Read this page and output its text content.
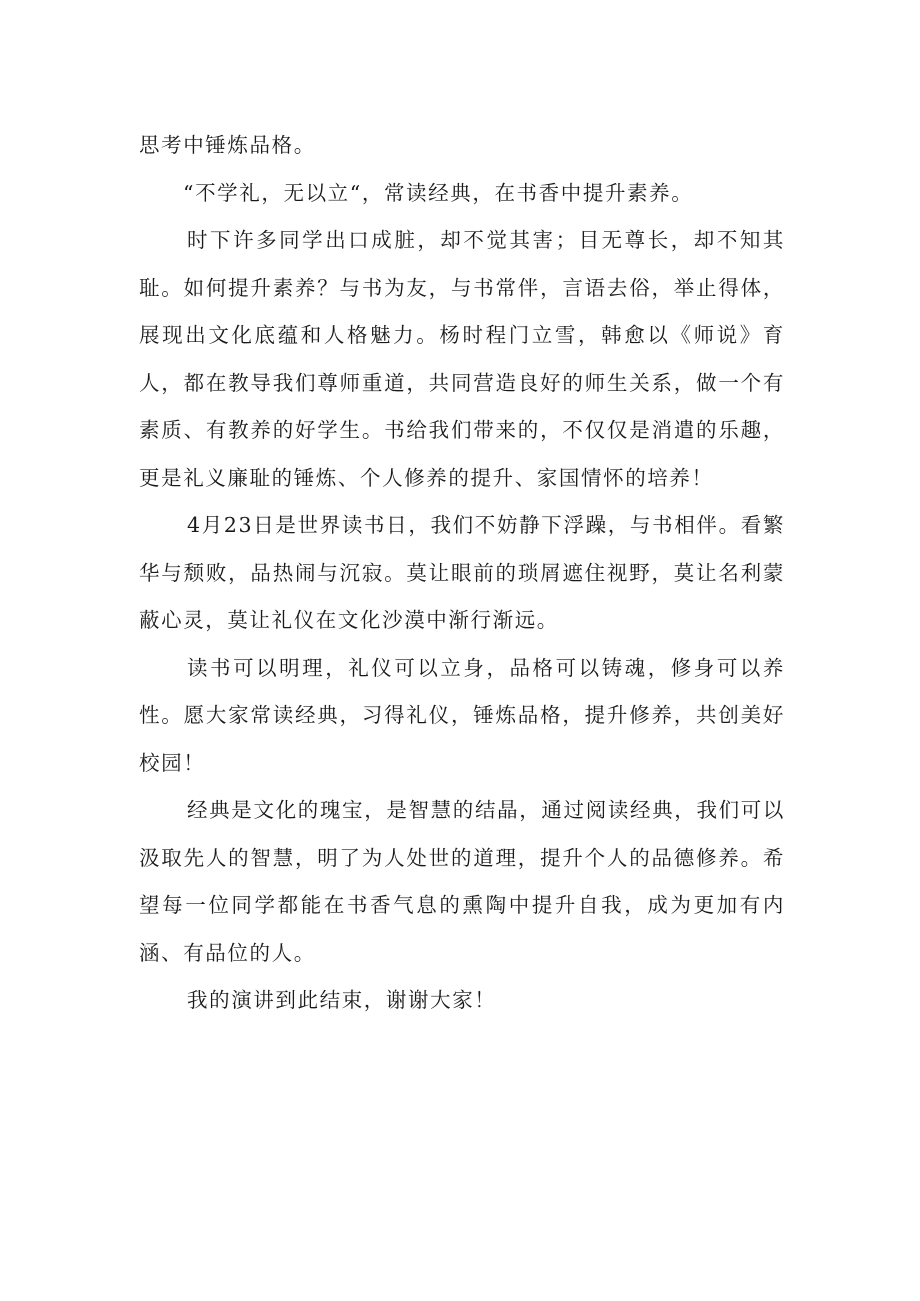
思考中锤炼品格。

“不学礼，无以立“，常读经典，在书香中提升素养。

时下许多同学出口成脏，却不觉其害；目无尊长，却不知其耻。如何提升素养？与书为友，与书常伴，言语去俗，举止得体，展现出文化底蕴和人格魅力。杨时程门立雪，韩愈以《师说》育人，都在教导我们尊师重道，共同营造良好的师生关系，做一个有素质、有教养的好学生。书给我们带来的，不仅仅是消遣的乐趣，更是礼义廉耻的锤炼、个人修养的提升、家国情怀的培养！

4月23日是世界读书日，我们不妨静下浮躁，与书相伴。看繁华与颓败，品热闹与沉寂。莫让眼前的琐屑遮住视野，莫让名利蒙蔽心灵，莫让礼仪在文化沙漠中渐行渐远。

读书可以明理，礼仪可以立身，品格可以铸魂，修身可以养性。愿大家常读经典，习得礼仪，锤炼品格，提升修养，共创美好校园！

经典是文化的瑰宝，是智慧的结晶，通过阅读经典，我们可以汲取先人的智慧，明了为人处世的道理，提升个人的品德修养。希望每一位同学都能在书香气息的熏陶中提升自我，成为更加有内涵、有品位的人。

我的演讲到此结束，谢谢大家！
